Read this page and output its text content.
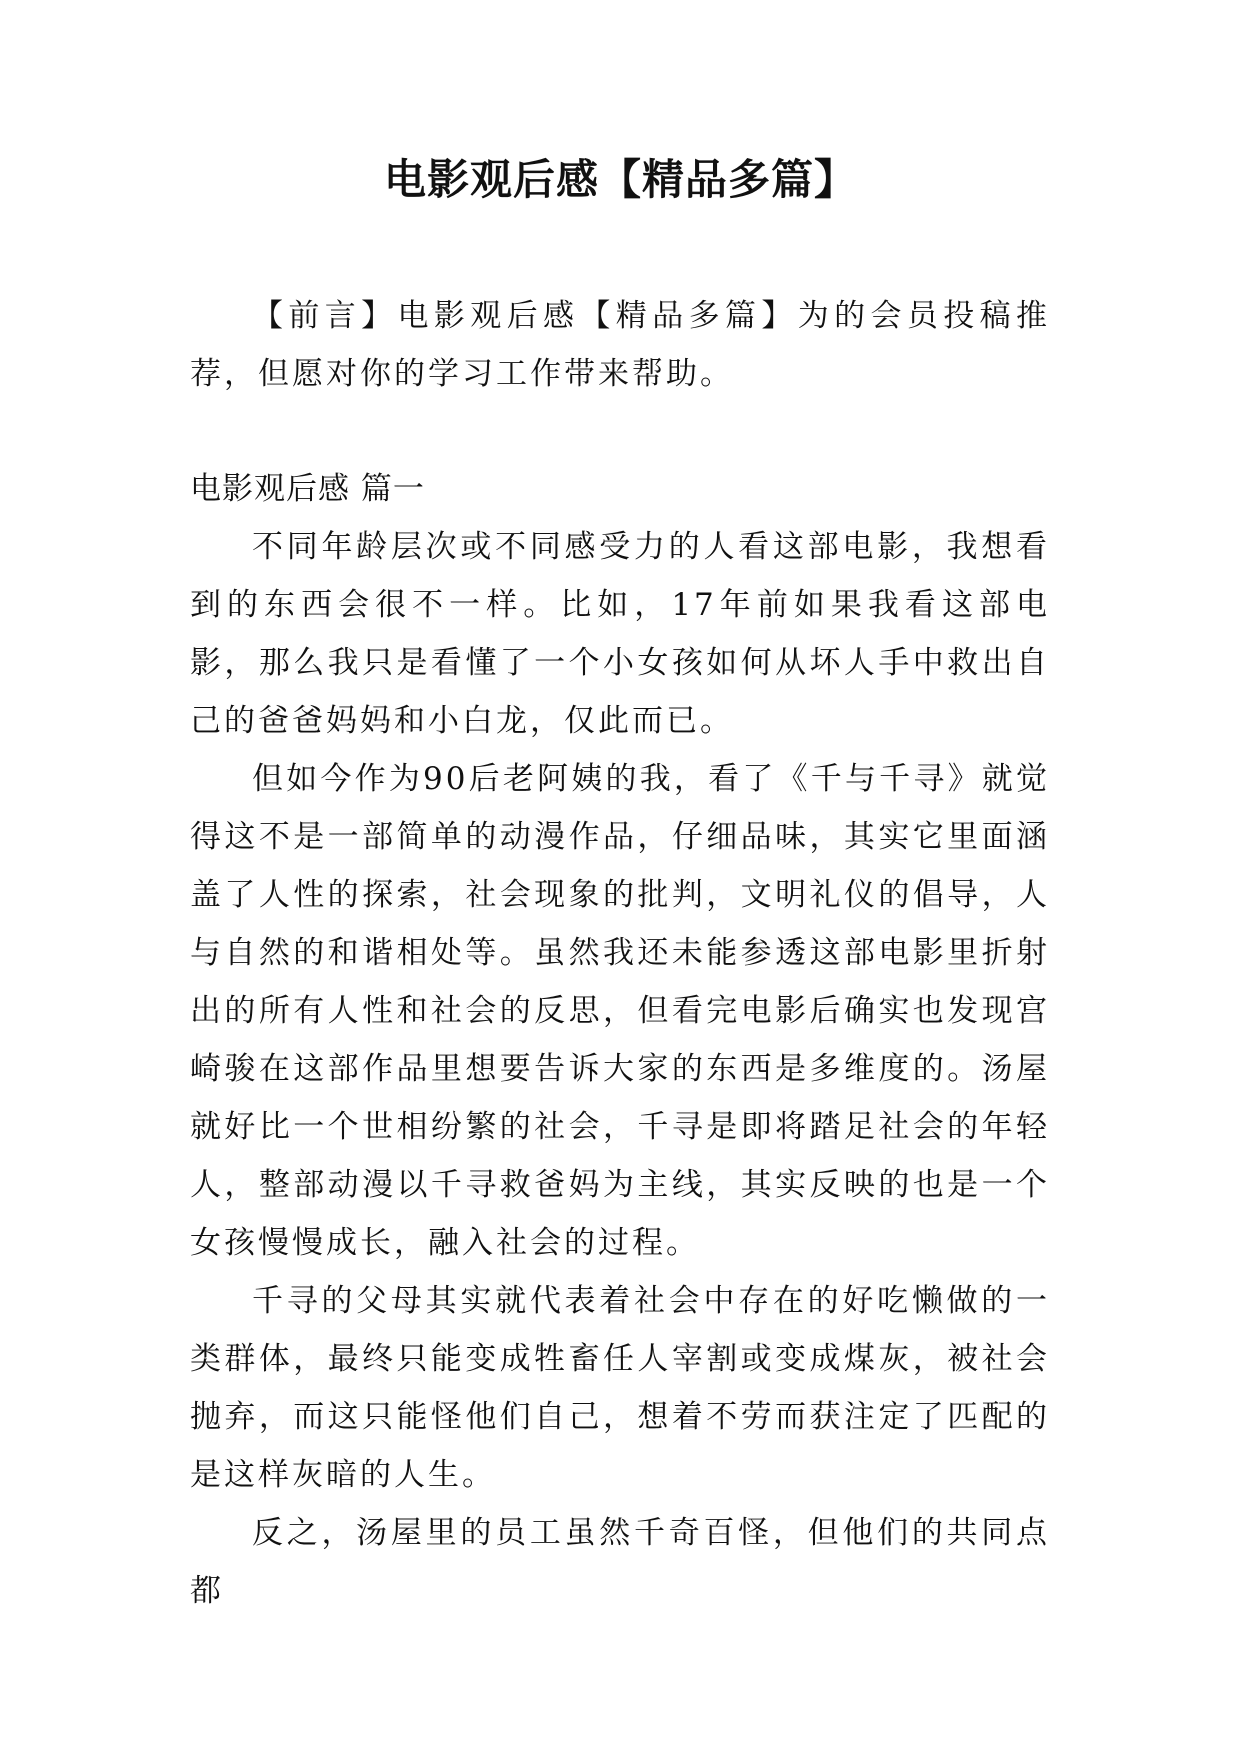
电影观后感【精品多篇】

【前言】电影观后感【精品多篇】为的会员投稿推荐，但愿对你的学习工作带来帮助。

电影观后感 篇一

不同年龄层次或不同感受力的人看这部电影，我想看到的东西会很不一样。比如，17年前如果我看这部电影，那么我只是看懂了一个小女孩如何从坏人手中救出自己的爸爸妈妈和小白龙，仅此而已。

但如今作为90后老阿姨的我，看了《千与千寻》就觉得这不是一部简单的动漫作品，仔细品味，其实它里面涵盖了人性的探索，社会现象的批判，文明礼仪的倡导，人与自然的和谐相处等。虽然我还未能参透这部电影里折射出的所有人性和社会的反思，但看完电影后确实也发现宫崎骏在这部作品里想要告诉大家的东西是多维度的。汤屋就好比一个世相纷繁的社会，千寻是即将踏足社会的年轻人，整部动漫以千寻救爸妈为主线，其实反映的也是一个女孩慢慢成长，融入社会的过程。

千寻的父母其实就代表着社会中存在的好吃懒做的一类群体，最终只能变成牲畜任人宰割或变成煤灰，被社会抛弃，而这只能怪他们自己，想着不劳而获注定了匹配的是这样灰暗的人生。

反之，汤屋里的员工虽然千奇百怪，但他们的共同点都
